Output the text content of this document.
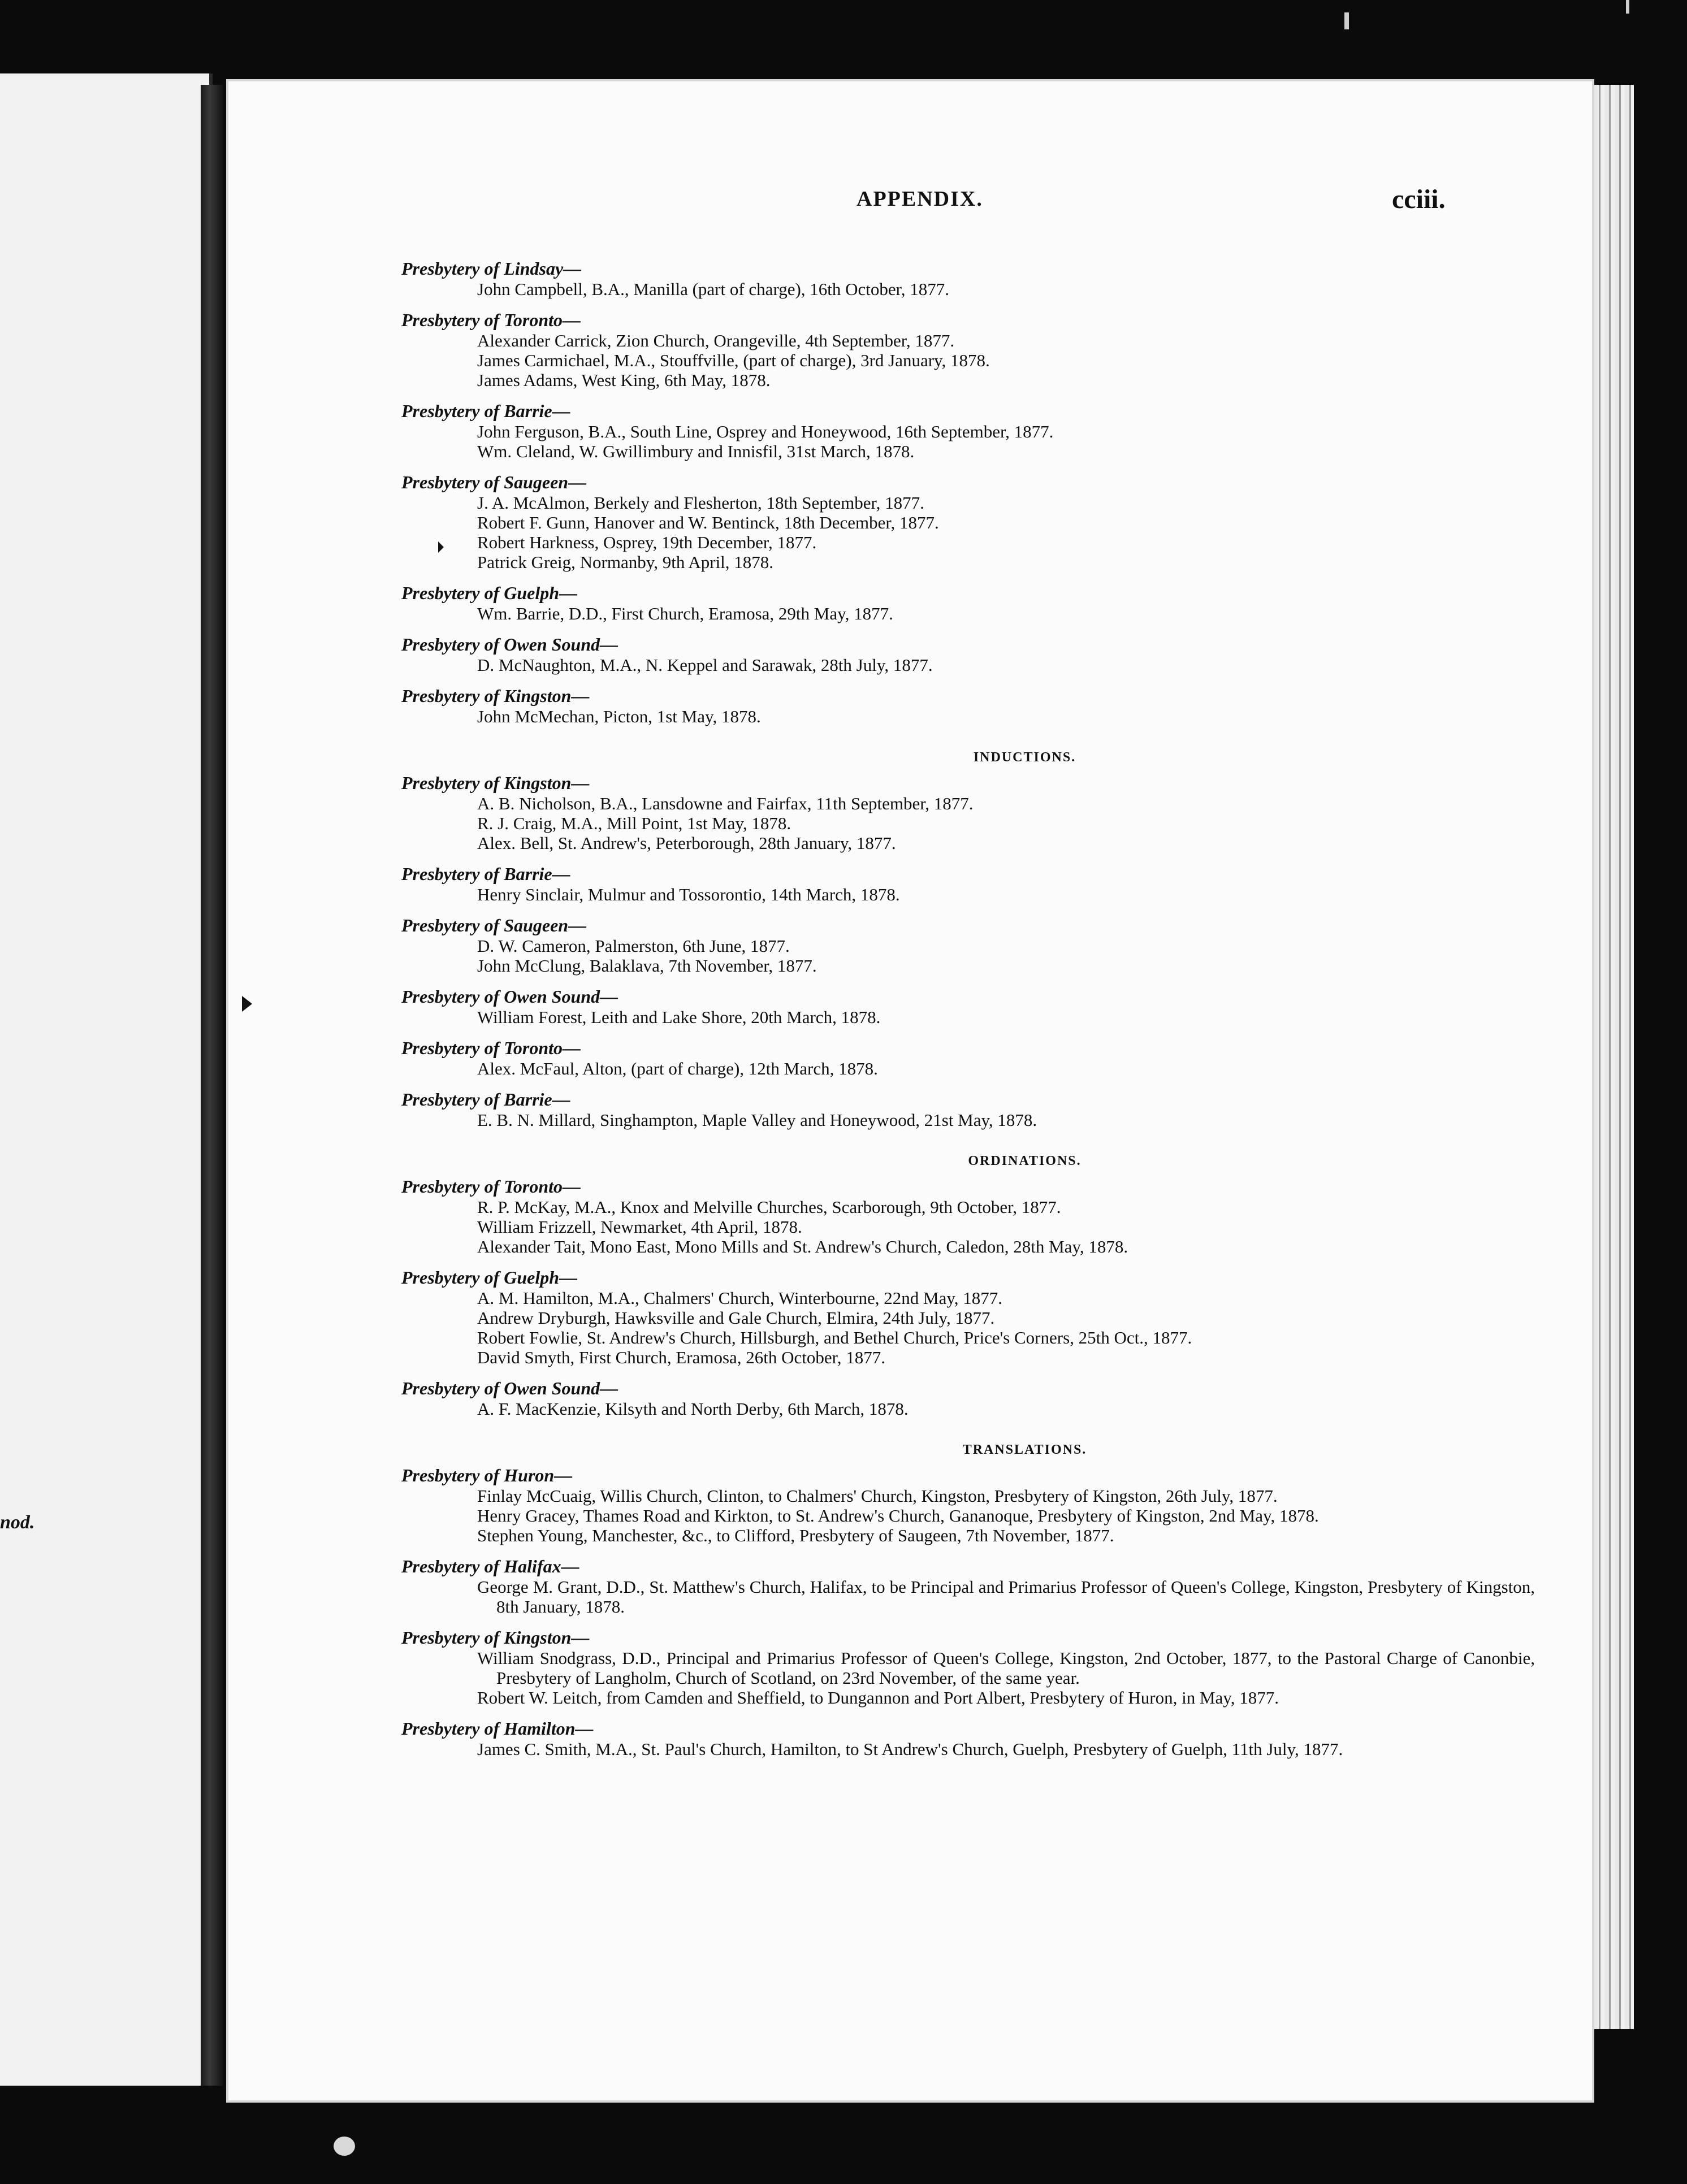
nod.
APPENDIX.	cciii.
Presbytery of Lindsay—
John Campbell, B.A., Manilla (part of charge), 16th October, 1877.
Presbytery of Toronto—
Alexander Carrick, Zion Church, Orangeville, 4th September, 1877.
James Carmichael, M.A., Stouffville, (part of charge), 3rd January, 1878.
James Adams, West King, 6th May, 1878.
Presbytery of Barrie—
John Ferguson, B.A., South Line, Osprey and Honeywood, 16th September, 1877.
Wm. Cleland, W. Gwillimbury and Innisfil, 31st March, 1878.
Presbytery of Saugeen—
J. A. McAlmon, Berkely and Flesherton, 18th September, 1877.
Robert F. Gunn, Hanover and W. Bentinck, 18th December, 1877.
Robert Harkness, Osprey, 19th December, 1877.
Patrick Greig, Normanby, 9th April, 1878.
Presbytery of Guelph—
Wm. Barrie, D.D., First Church, Eramosa, 29th May, 1877.
Presbytery of Owen Sound—
D. McNaughton, M.A., N. Keppel and Sarawak, 28th July, 1877.
Presbytery of Kingston—
John McMechan, Picton, 1st May, 1878.
INDUCTIONS.
Presbytery of Kingston—
A. B. Nicholson, B.A., Lansdowne and Fairfax, 11th September, 1877.
R. J. Craig, M.A., Mill Point, 1st May, 1878.
Alex. Bell, St. Andrew's, Peterborough, 28th January, 1877.
Presbytery of Barrie—
Henry Sinclair, Mulmur and Tossorontio, 14th March, 1878.
Presbytery of Saugeen—
D. W. Cameron, Palmerston, 6th June, 1877.
John McClung, Balaklava, 7th November, 1877.
Presbytery of Owen Sound—
William Forest, Leith and Lake Shore, 20th March, 1878.
Presbytery of Toronto—
Alex. McFaul, Alton, (part of charge), 12th March, 1878.
Presbytery of Barrie—
E. B. N. Millard, Singhampton, Maple Valley and Honeywood, 21st May, 1878.
ORDINATIONS.
Presbytery of Toronto—
R. P. McKay, M.A., Knox and Melville Churches, Scarborough, 9th October, 1877.
William Frizzell, Newmarket, 4th April, 1878.
Alexander Tait, Mono East, Mono Mills and St. Andrew's Church, Caledon, 28th May, 1878.
Presbytery of Guelph—
A. M. Hamilton, M.A., Chalmers' Church, Winterbourne, 22nd May, 1877.
Andrew Dryburgh, Hawksville and Gale Church, Elmira, 24th July, 1877.
Robert Fowlie, St. Andrew's Church, Hillsburgh, and Bethel Church, Price's Corners, 25th Oct., 1877.
David Smyth, First Church, Eramosa, 26th October, 1877.
Presbytery of Owen Sound—
A. F. MacKenzie, Kilsyth and North Derby, 6th March, 1878.
TRANSLATIONS.
Presbytery of Huron—
Finlay McCuaig, Willis Church, Clinton, to Chalmers' Church, Kingston, Presbytery of Kingston, 26th July, 1877.
Henry Gracey, Thames Road and Kirkton, to St. Andrew's Church, Gananoque, Presbytery of Kingston, 2nd May, 1878.
Stephen Young, Manchester, &c., to Clifford, Presbytery of Saugeen, 7th November, 1877.
Presbytery of Halifax—
George M. Grant, D.D., St. Matthew's Church, Halifax, to be Principal and Primarius Professor of Queen's College, Kingston, Presbytery of Kingston, 8th January, 1878.
Presbytery of Kingston—
William Snodgrass, D.D., Principal and Primarius Professor of Queen's College, Kingston, 2nd October, 1877, to the Pastoral Charge of Canonbie, Presbytery of Langholm, Church of Scotland, on 23rd November, of the same year.
Robert W. Leitch, from Camden and Sheffield, to Dungannon and Port Albert, Presbytery of Huron, in May, 1877.
Presbytery of Hamilton—
James C. Smith, M.A., St. Paul's Church, Hamilton, to St Andrew's Church, Guelph, Presbytery of Guelph, 11th July, 1877.
